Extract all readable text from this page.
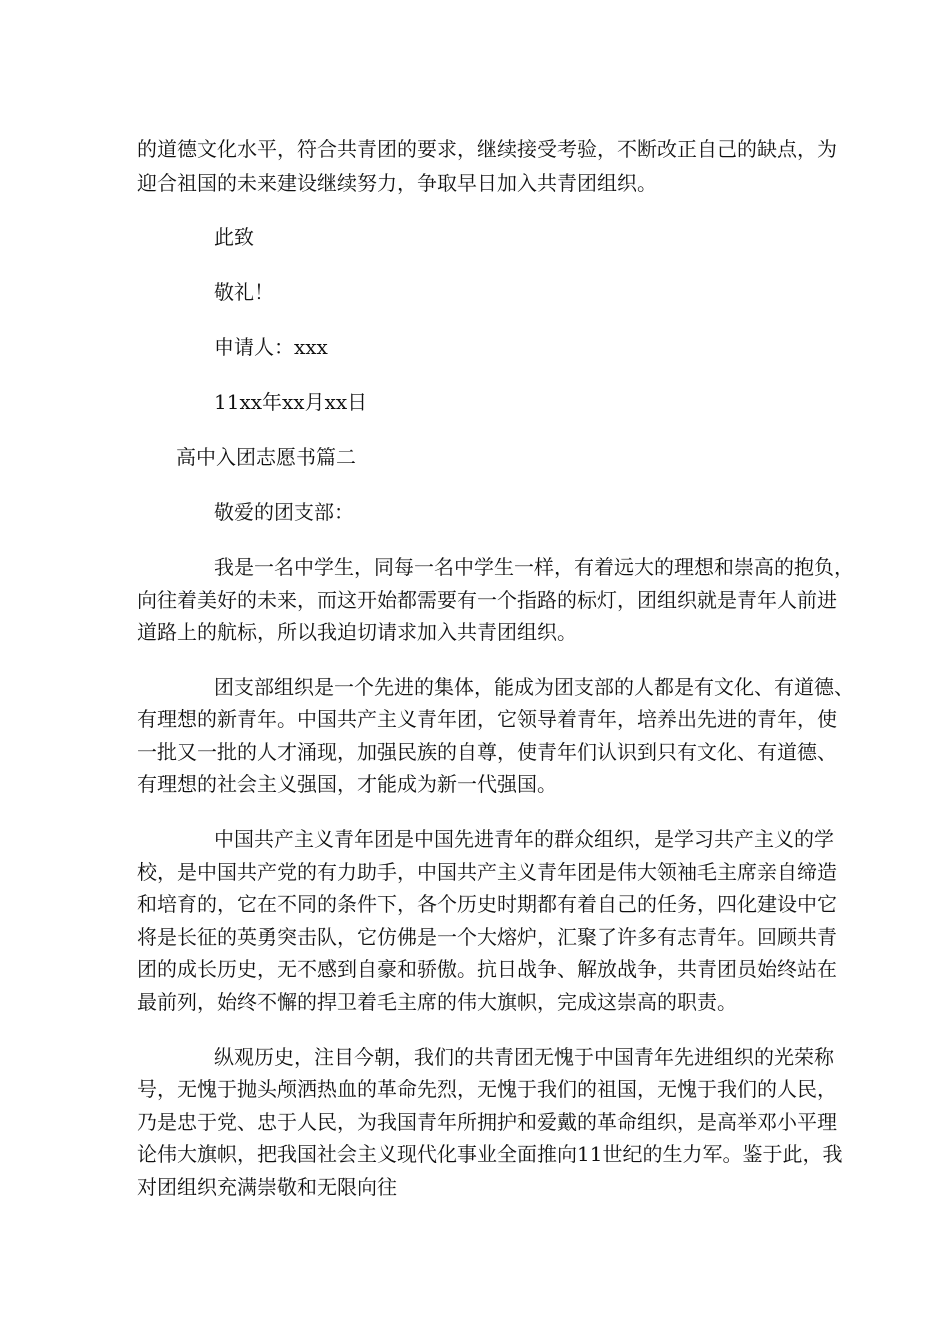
的道德文化水平，符合共青团的要求，继续接受考验，不断改正自己的缺点，为
迎合祖国的未来建设继续努力，争取早日加入共青团组织。
此致
敬礼！
申请人：xxx
11xx年xx月xx日
高中入团志愿书篇二
敬爱的团支部：
我是一名中学生，同每一名中学生一样，有着远大的理想和崇高的抱负，
向往着美好的未来，而这开始都需要有一个指路的标灯，团组织就是青年人前进
道路上的航标，所以我迫切请求加入共青团组织。
团支部组织是一个先进的集体，能成为团支部的人都是有文化、有道德、
有理想的新青年。中国共产主义青年团，它领导着青年，培养出先进的青年，使
一批又一批的人才涌现，加强民族的自尊，使青年们认识到只有文化、有道德、
有理想的社会主义强国，才能成为新一代强国。
中国共产主义青年团是中国先进青年的群众组织，是学习共产主义的学
校，是中国共产党的有力助手，中国共产主义青年团是伟大领袖毛主席亲自缔造
和培育的，它在不同的条件下，各个历史时期都有着自己的任务，四化建设中它
将是长征的英勇突击队，它仿佛是一个大熔炉，汇聚了许多有志青年。回顾共青
团的成长历史，无不感到自豪和骄傲。抗日战争、解放战争，共青团员始终站在
最前列，始终不懈的捍卫着毛主席的伟大旗帜，完成这崇高的职责。
纵观历史，注目今朝，我们的共青团无愧于中国青年先进组织的光荣称
号，无愧于抛头颅洒热血的革命先烈，无愧于我们的祖国，无愧于我们的人民，
乃是忠于党、忠于人民，为我国青年所拥护和爱戴的革命组织，是高举邓小平理
论伟大旗帜，把我国社会主义现代化事业全面推向11世纪的生力军。鉴于此，我
对团组织充满崇敬和无限向往
